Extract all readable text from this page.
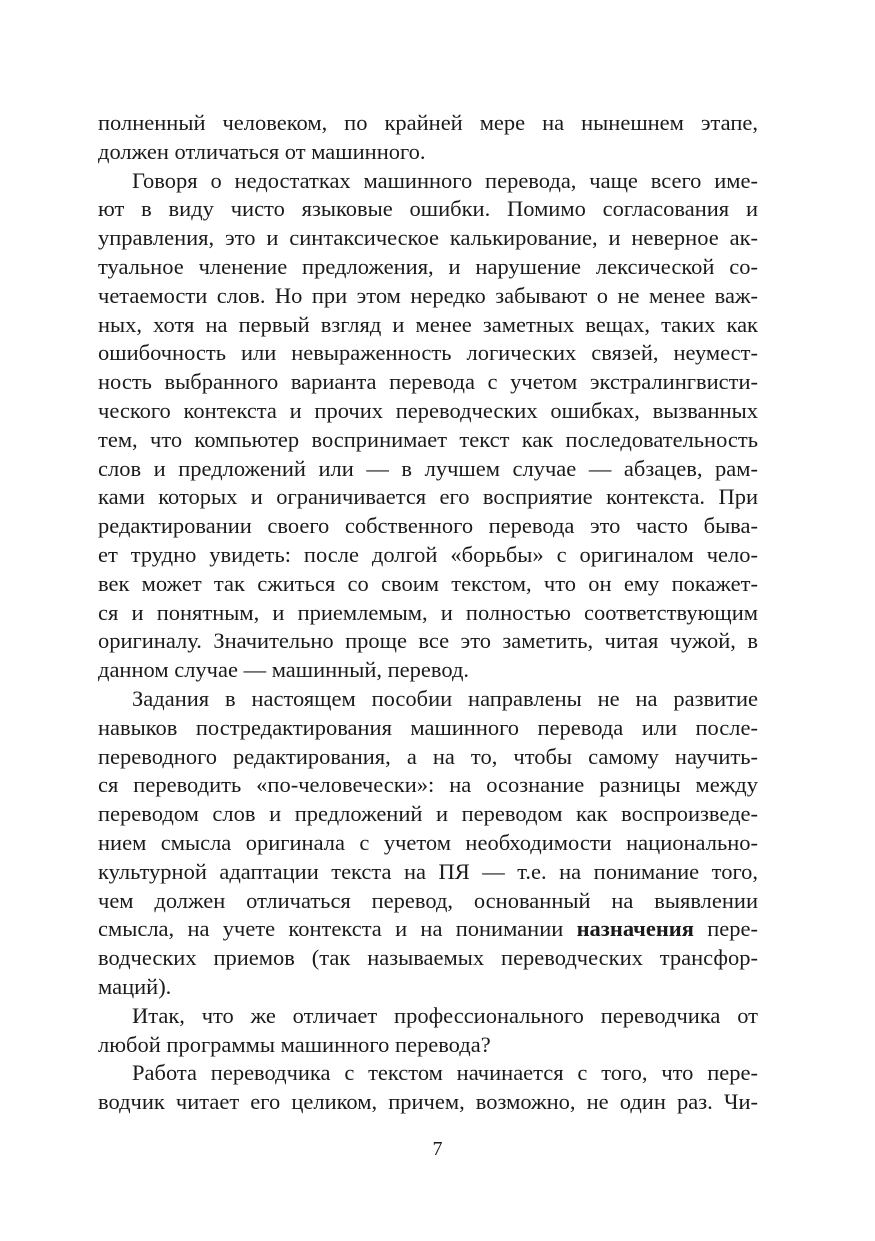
полненный человеком, по крайней мере на нынешнем этапе,
должен отличаться от машинного.
Говоря о недостатках машинного перевода, чаще всего име-
ют в виду чисто языковые ошибки. Помимо согласования и
управления, это и синтаксическое калькирование, и неверное ак-
туальное членение предложения, и нарушение лексической со-
четаемости слов. Но при этом нередко забывают о не менее важ-
ных, хотя на первый взгляд и менее заметных вещах, таких как
ошибочность или невыраженность логических связей, неумест-
ность выбранного варианта перевода с учетом экстралингвисти-
ческого контекста и прочих переводческих ошибках, вызванных
тем, что компьютер воспринимает текст как последовательность
слов и предложений или — в лучшем случае — абзацев, рам-
ками которых и ограничивается его восприятие контекста. При
редактировании своего собственного перевода это часто быва-
ет трудно увидеть: после долгой «борьбы» с оригиналом чело-
век может так сжиться со своим текстом, что он ему покажет-
ся и понятным, и приемлемым, и полностью соответствующим
оригиналу. Значительно проще все это заметить, читая чужой, в
данном случае — машинный, перевод.
Задания в настоящем пособии направлены не на развитие
навыков постредактирования машинного перевода или после-
переводного редактирования, а на то, чтобы самому научить-
ся переводить «по-человечески»: на осознание разницы между
переводом слов и предложений и переводом как воспроизведе-
нием смысла оригинала с учетом необходимости национально-
культурной адаптации текста на ПЯ — т.е. на понимание того,
чем должен отличаться перевод, основанный на выявлении
смысла, на учете контекста и на понимании назначения пере-
водческих приемов (так называемых переводческих трансфор-
маций).
Итак, что же отличает профессионального переводчика от
любой программы машинного перевода?
Работа переводчика с текстом начинается с того, что пере-
водчик читает его целиком, причем, возможно, не один раз. Чи-
7
